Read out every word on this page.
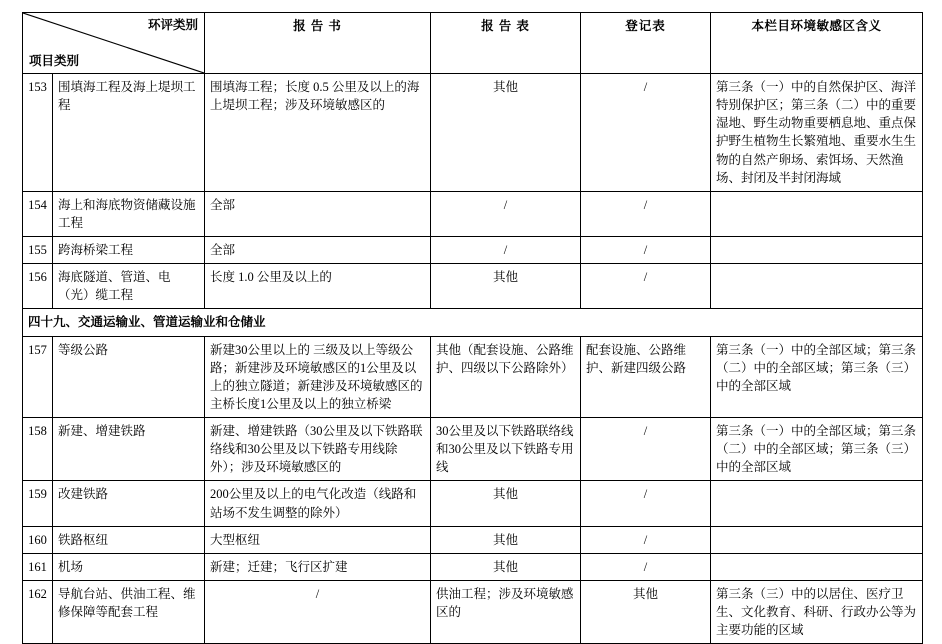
环评类别
项目类别		报 告 书	报 告 表	登记表	本栏目环境敏感区含义
153	围填海工程及海上堤坝工程	围填海工程；长度 0.5 公里及以上的海上堤坝工程；涉及环境敏感区的	其他	/	第三条（一）中的自然保护区、海洋特别保护区；第三条（二）中的重要湿地、野生动物重要栖息地、重点保护野生植物生长繁殖地、重要水生生物的自然产卵场、索饵场、天然渔场、封闭及半封闭海域
154	海上和海底物资储藏设施工程	全部	/	/	
155	跨海桥梁工程	全部	/	/	
156	海底隧道、管道、电（光）缆工程	长度 1.0 公里及以上的	其他	/	
四十九、交通运输业、管道运输业和仓储业					
157	等级公路	新建30公里以上的 三级及以上等级公路；新建涉及环境敏感区的1公里及以上的独立隧道；新建涉及环境敏感区的主桥长度1公里及以上的独立桥梁	其他（配套设施、公路维护、四级以下公路除外）	配套设施、公路维护、新建四级公路	第三条（一）中的全部区域；第三条（二）中的全部区域；第三条（三）中的全部区域
158	新建、增建铁路	新建、增建铁路（30公里及以下铁路联络线和30公里及以下铁路专用线除外）；涉及环境敏感区的	30公里及以下铁路联络线和30公里及以下铁路专用线	/	第三条（一）中的全部区域；第三条（二）中的全部区域；第三条（三）中的全部区域
159	改建铁路	200公里及以上的电气化改造（线路和站场不发生调整的除外）	其他	/	
160	铁路枢纽	大型枢纽	其他	/	
161	机场	新建；迁建；飞行区扩建	其他	/	
162	导航台站、供油工程、维修保障等配套工程	/	供油工程；涉及环境敏感区的	其他	第三条（三）中的以居住、医疗卫生、文化教育、科研、行政办公等为主要功能的区域
